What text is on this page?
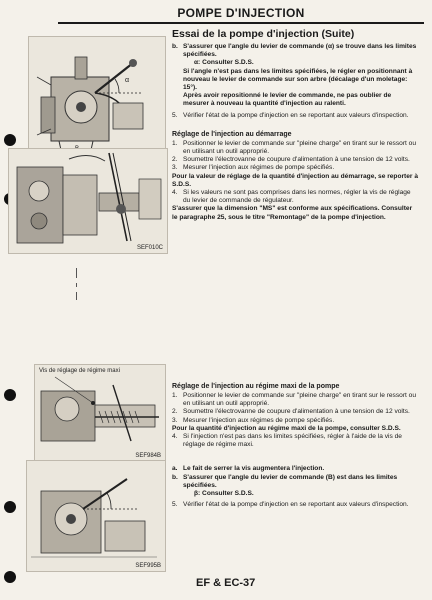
POMPE D'INJECTION
α
SEF010C
Vis de réglage de régime maxi
SEF984B
SEF995B
Essai de la pompe d'injection (Suite)
b. S'assurer que l'angle du levier de commande (α) se trouve dans les limites spécifiées.
α: Consulter S.D.S.
Si l'angle n'est pas dans les limites spécifiées, le régler en positionnant à nouveau le levier de commande sur son arbre (décalage d'un moletage: 15°).
Après avoir repositionné le levier de commande, ne pas oublier de mesurer à nouveau la quantité d'injection au ralenti.
5. Vérifier l'état de la pompe d'injection en se reportant aux valeurs d'inspection.
Réglage de l'injection au démarrage
1. Positionner le levier de commande sur "pleine charge" en tirant sur le ressort ou en utilisant un outil approprié.
2. Soumettre l'électrovanne de coupure d'alimentation à une tension de 12 volts.
3. Mesurer l'injection aux régimes de pompe spécifiés.
Pour la valeur de réglage de la quantité d'injection au démarrage, se reporter à S.D.S.
4. Si les valeurs ne sont pas comprises dans les normes, régler la vis de réglage du levier de commande de régulateur.
S'assurer que la dimension "MS" est conforme aux spécifications. Consulter le paragraphe 25, sous le titre "Remontage" de la pompe d'injection.
Réglage de l'injection au régime maxi de la pompe
1. Positionner le levier de commande sur "pleine charge" en tirant sur le ressort ou en utilisant un outil approprié.
2. Soumettre l'électrovanne de coupure d'alimentation à une tension de 12 volts.
3. Mesurer l'injection aux régimes de pompe spécifiés.
Pour la quantité d'injection au régime maxi de la pompe, consulter S.D.S.
4. Si l'injection n'est pas dans les limites spécifiées, régler à l'aide de la vis de réglage de régime maxi.
a. Le fait de serrer la vis augmentera l'injection.
b. S'assurer que l'angle du levier de commande (B) est dans les limites spécifiées.
β: Consulter S.D.S.
5. Vérifier l'état de la pompe d'injection en se reportant aux valeurs d'inspection.
EF & EC-37
